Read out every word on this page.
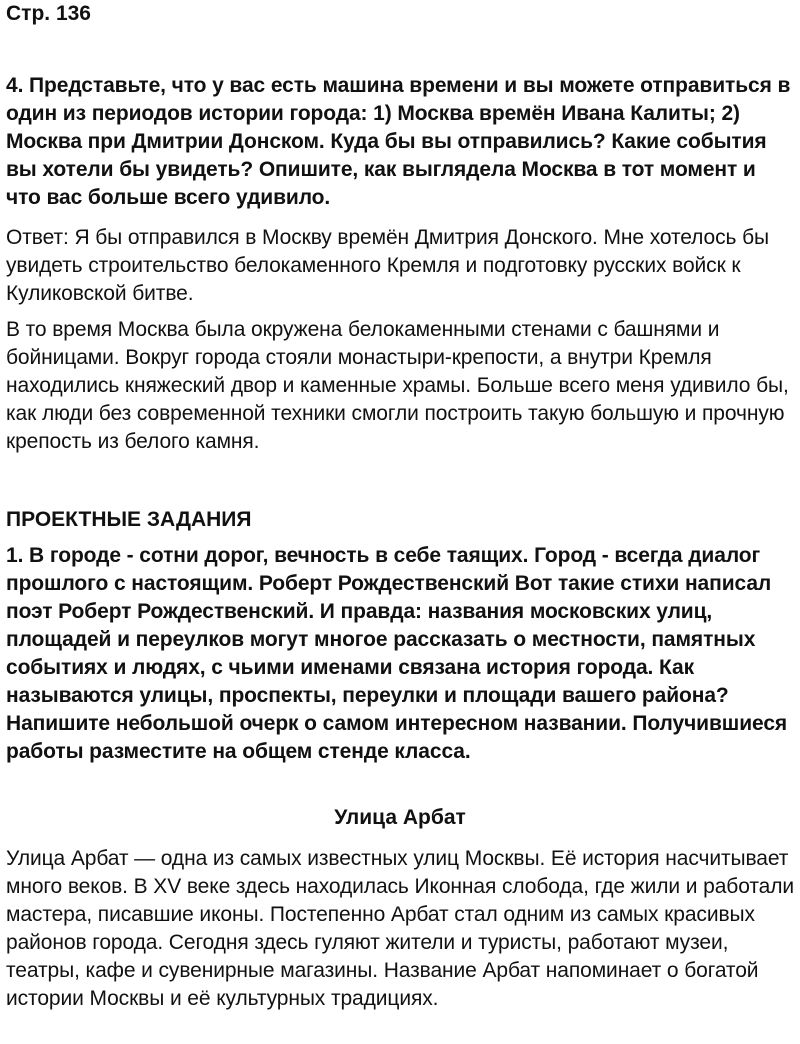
Стр. 136

4. Представьте, что у вас есть машина времени и вы можете отправиться в один из периодов истории города: 1) Москва времён Ивана Калиты; 2) Москва при Дмитрии Донском. Куда бы вы отправились? Какие события вы хотели бы увидеть? Опишите, как выглядела Москва в тот момент и что вас больше всего удивило.

Ответ: Я бы отправился в Москву времён Дмитрия Донского. Мне хотелось бы увидеть строительство белокаменного Кремля и подготовку русских войск к Куликовской битве.

В то время Москва была окружена белокаменными стенами с башнями и бойницами. Вокруг города стояли монастыри-крепости, а внутри Кремля находились княжеский двор и каменные храмы. Больше всего меня удивило бы, как люди без современной техники смогли построить такую большую и прочную крепость из белого камня.

ПРОЕКТНЫЕ ЗАДАНИЯ

1. В городе - сотни дорог, вечность в себе таящих. Город - всегда диалог прошлого с настоящим. Роберт Рождественский Вот такие стихи написал поэт Роберт Рождественский. И правда: названия московских улиц, площадей и переулков могут многое рассказать о местности, памятных событиях и людях, с чьими именами связана история города. Как называются улицы, проспекты, переулки и площади вашего района? Напишите небольшой очерк о самом интересном названии. Получившиеся работы разместите на общем стенде класса.

Улица Арбат

Улица Арбат — одна из самых известных улиц Москвы. Её история насчитывает много веков. В XV веке здесь находилась Иконная слобода, где жили и работали мастера, писавшие иконы. Постепенно Арбат стал одним из самых красивых районов города. Сегодня здесь гуляют жители и туристы, работают музеи, театры, кафе и сувенирные магазины. Название Арбат напоминает о богатой истории Москвы и её культурных традициях.
